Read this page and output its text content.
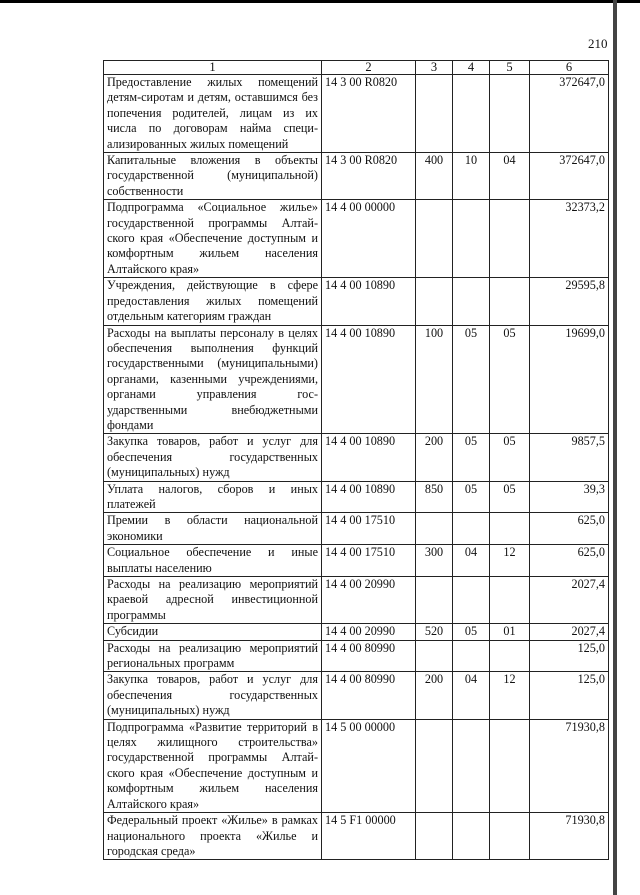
210
1	2	3	4	5	6
Предоставление жилых помещений детям-сиротам и детям, оставшимся без попечения родителей, лицам из их числа по договорам найма специализированных жилых помещений	14 3 00 R0820				372647,0
Капитальные вложения в объекты государственной (муниципальной) собственности	14 3 00 R0820	400	10	04	372647,0
Подпрограмма «Социальное жилье» государственной программы Алтайского края «Обеспечение доступным и комфортным жильем населения Алтайского края»	14 4 00 00000				32373,2
Учреждения, действующие в сфере предоставления жилых помещений отдельным категориям граждан	14 4 00 10890				29595,8
Расходы на выплаты персоналу в целях обеспечения выполнения функций государственными (муниципальными) органами, казенными учреждениями, органами управления государственными внебюджетными фондами	14 4 00 10890	100	05	05	19699,0
Закупка товаров, работ и услуг для обеспечения государственных (муниципальных) нужд	14 4 00 10890	200	05	05	9857,5
Уплата налогов, сборов и иных платежей	14 4 00 10890	850	05	05	39,3
Премии в области национальной экономики	14 4 00 17510				625,0
Социальное обеспечение и иные выплаты населению	14 4 00 17510	300	04	12	625,0
Расходы на реализацию мероприятий краевой адресной инвестиционной программы	14 4 00 20990				2027,4
Субсидии	14 4 00 20990	520	05	01	2027,4
Расходы на реализацию мероприятий региональных программ	14 4 00 80990				125,0
Закупка товаров, работ и услуг для обеспечения государственных (муниципальных) нужд	14 4 00 80990	200	04	12	125,0
Подпрограмма «Развитие территорий в целях жилищного строительства» государственной программы Алтайского края «Обеспечение доступным и комфортным жильем населения Алтайского края»	14 5 00 00000				71930,8
Федеральный проект «Жилье» в рамках национального проекта «Жилье и городская среда»	14 5 F1 00000				71930,8
